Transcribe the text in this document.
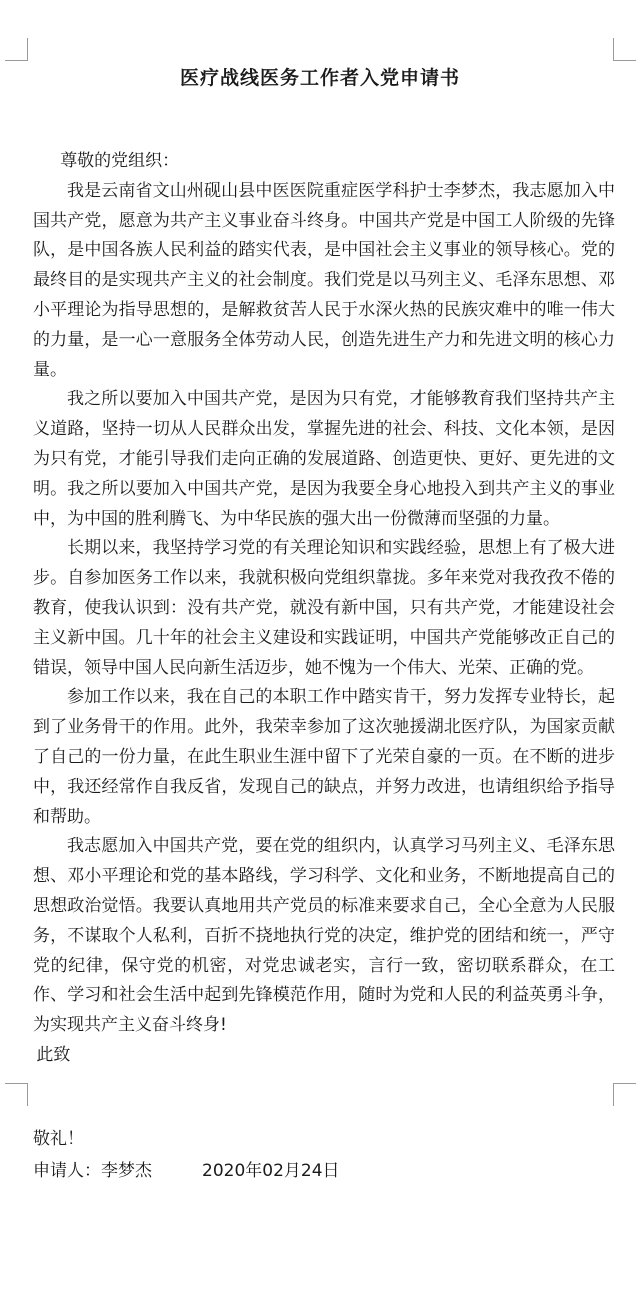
医疗战线医务工作者入党申请书

尊敬的党组织：

我是云南省文山州砚山县中医医院重症医学科护士李梦杰，我志愿加入中国共产党，愿意为共产主义事业奋斗终身。中国共产党是中国工人阶级的先锋队，是中国各族人民利益的踏实代表，是中国社会主义事业的领导核心。党的最终目的是实现共产主义的社会制度。我们党是以马列主义、毛泽东思想、邓小平理论为指导思想的，是解救贫苦人民于水深火热的民族灾难中的唯一伟大的力量，是一心一意服务全体劳动人民，创造先进生产力和先进文明的核心力量。

我之所以要加入中国共产党，是因为只有党，才能够教育我们坚持共产主义道路，坚持一切从人民群众出发，掌握先进的社会、科技、文化本领，是因为只有党，才能引导我们走向正确的发展道路、创造更快、更好、更先进的文明。我之所以要加入中国共产党，是因为我要全身心地投入到共产主义的事业中，为中国的胜利腾飞、为中华民族的强大出一份微薄而坚强的力量。

长期以来，我坚持学习党的有关理论知识和实践经验，思想上有了极大进步。自参加医务工作以来，我就积极向党组织靠拢。多年来党对我孜孜不倦的教育，使我认识到：没有共产党，就没有新中国，只有共产党，才能建设社会主义新中国。几十年的社会主义建设和实践证明，中国共产党能够改正自己的错误，领导中国人民向新生活迈步，她不愧为一个伟大、光荣、正确的党。

参加工作以来，我在自己的本职工作中踏实肯干，努力发挥专业特长，起到了业务骨干的作用。此外，我荣幸参加了这次驰援湖北医疗队，为国家贡献了自己的一份力量，在此生职业生涯中留下了光荣自豪的一页。在不断的进步中，我还经常作自我反省，发现自己的缺点，并努力改进，也请组织给予指导和帮助。

我志愿加入中国共产党，要在党的组织内，认真学习马列主义、毛泽东思想、邓小平理论和党的基本路线，学习科学、文化和业务，不断地提高自己的思想政治觉悟。我要认真地用共产党员的标准来要求自己，全心全意为人民服务，不谋取个人私利，百折不挠地执行党的决定，维护党的团结和统一，严守党的纪律，保守党的机密，对党忠诚老实，言行一致，密切联系群众，在工作、学习和社会生活中起到先锋模范作用，随时为党和人民的利益英勇斗争，为实现共产主义奋斗终身!

此致

敬礼！
申请人：李梦杰	2020年02月24日
